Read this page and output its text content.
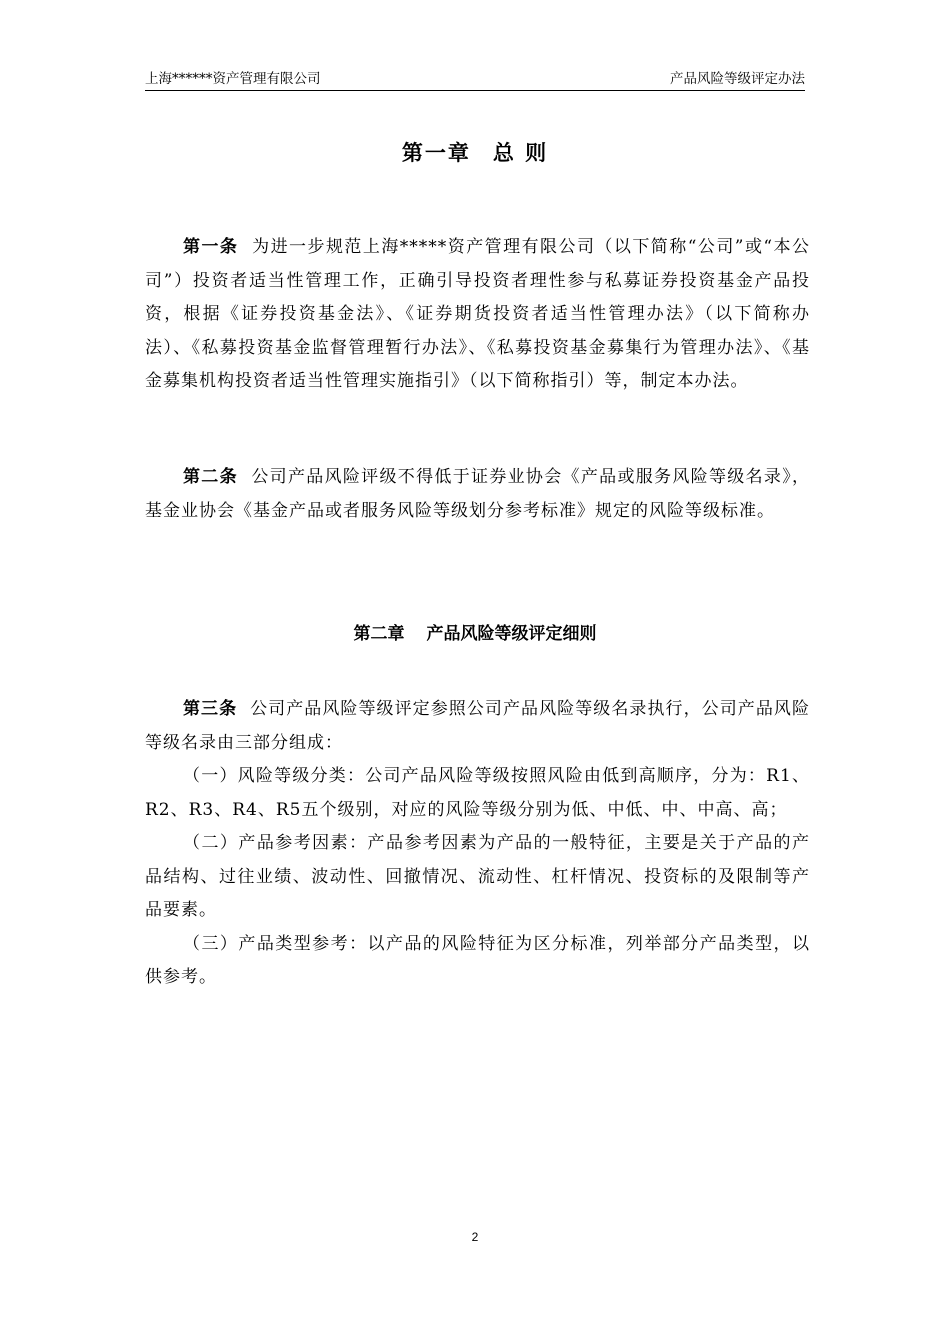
上海******资产管理有限公司	产品风险等级评定办法
第一章 总 则
第一条 为进一步规范上海*****资产管理有限公司（以下简称“公司”或“本公司”）投资者适当性管理工作，正确引导投资者理性参与私募证券投资基金产品投资，根据《证券投资基金法》、《证券期货投资者适当性管理办法》（以下简称办法）、《私募投资基金监督管理暂行办法》、《私募投资基金募集行为管理办法》、《基金募集机构投资者适当性管理实施指引》（以下简称指引）等，制定本办法。
第二条 公司产品风险评级不得低于证券业协会《产品或服务风险等级名录》，基金业协会《基金产品或者服务风险等级划分参考标准》规定的风险等级标准。
第二章 产品风险等级评定细则
第三条 公司产品风险等级评定参照公司产品风险等级名录执行，公司产品风险等级名录由三部分组成：
（一）风险等级分类：公司产品风险等级按照风险由低到高顺序，分为：R1、R2、R3、R4、R5五个级别，对应的风险等级分别为低、中低、中、中高、高；
（二）产品参考因素：产品参考因素为产品的一般特征，主要是关于产品的产品结构、过往业绩、波动性、回撤情况、流动性、杠杆情况、投资标的及限制等产品要素。
（三）产品类型参考：以产品的风险特征为区分标准，列举部分产品类型，以供参考。
2
